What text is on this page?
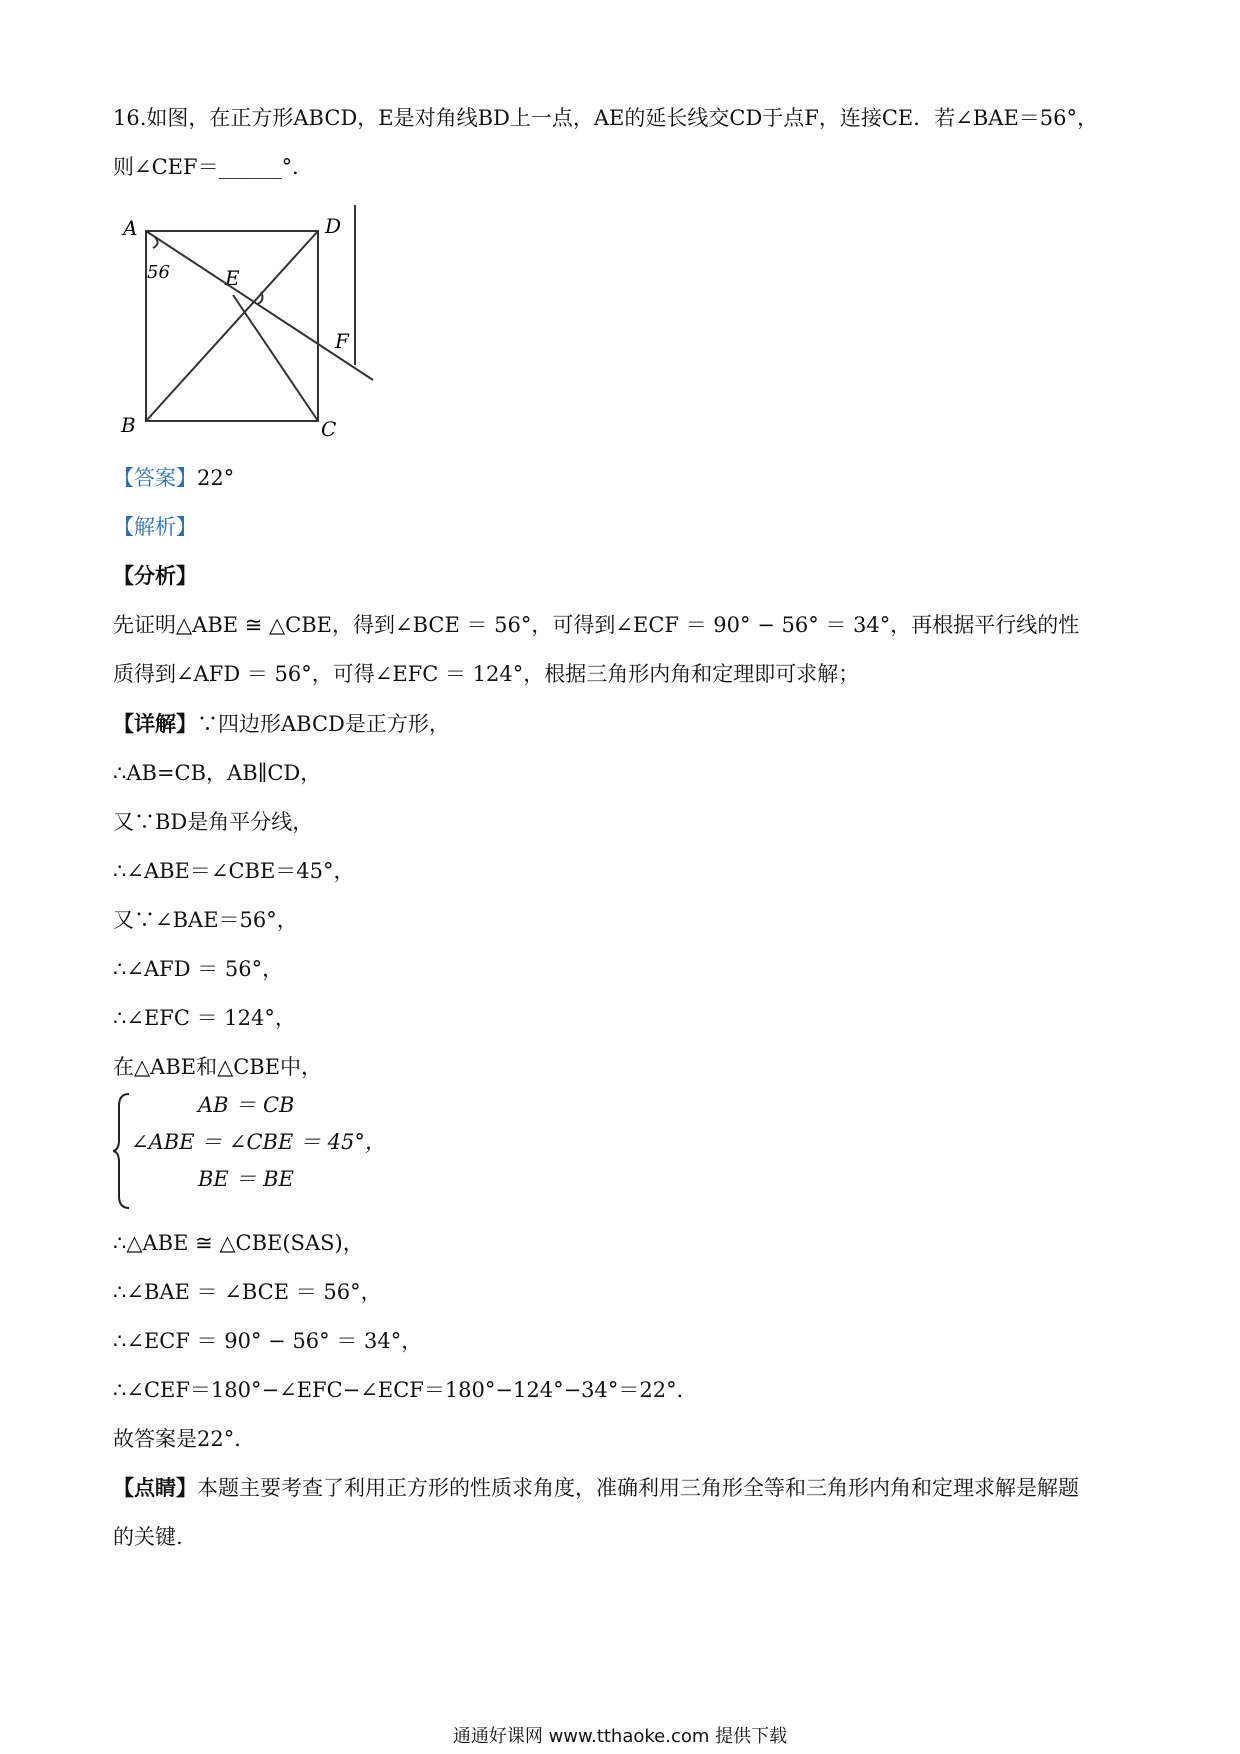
16.如图，在正方形ABCD，E是对角线BD上一点，AE的延长线交CD于点F，连接CE．若∠BAE＝56°，
则∠CEF＝______°．
A	D
E
F
B	C
56
【答案】22°
【解析】
【分析】
先证明△ABE ≅ △CBE，得到∠BCE ＝ 56°，可得到∠ECF ＝ 90° − 56° ＝ 34°，再根据平行线的性
质得到∠AFD ＝ 56°，可得∠EFC ＝ 124°，根据三角形内角和定理即可求解；
【详解】∵四边形ABCD是正方形，
∴AB=CB，AB∥CD，
又∵BD是角平分线，
∴∠ABE＝∠CBE＝45°，
又∵∠BAE＝56°，
∴∠AFD ＝ 56°，
∴∠EFC ＝ 124°，
在△ABE和△CBE中，
AB ＝ CB
∠ABE ＝ ∠CBE ＝ 45°，
BE ＝ BE
∴△ABE ≅ △CBE(SAS)，
∴∠BAE ＝ ∠BCE ＝ 56°，
∴∠ECF ＝ 90° − 56° ＝ 34°，
∴∠CEF＝180°−∠EFC−∠ECF＝180°−124°−34°＝22°．
故答案是22°．
【点睛】本题主要考查了利用正方形的性质求角度，准确利用三角形全等和三角形内角和定理求解是解题
的关键.
通通好课网 www.tthaoke.com 提供下载
